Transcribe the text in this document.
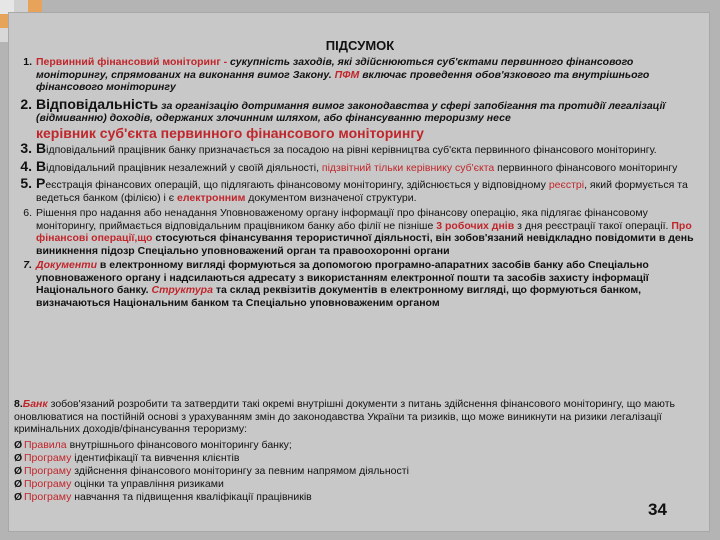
ПІДСУМОК
1. Первинний фінансовий моніторинг - сукупність заходів, які здійснюються суб'єктами первинного фінансового моніторингу, спрямованих на виконання вимог Закону. ПФМ включає проведення обов'язкового та внутрішнього фінансового моніторингу
2. Відповідальність за організацію дотримання вимог законодавства у сфері запобігання та протидії легалізації (відмиванню) доходів, одержаних злочинним шляхом, або фінансуванню тероризму несе
керівник суб'єкта первинного фінансового моніторингу
3. Відповідальний працівник банку призначається за посадою на рівні керівництва суб'єкта первинного фінансового моніторингу.
4. Відповідальний працівник незалежний у своїй діяльності, підзвітний тільки керівнику суб'єкта первинного фінансового моніторингу
5. Реєстрація фінансових операцій, що підлягають фінансовому моніторингу, здійснюється у відповідному реєстрі, який формується та ведеться банком (філією) і є електронним документом визначеної структури.
6. Рішення про надання або ненадання Уповноваженому органу інформації про фінансову операцію, яка підлягає фінансовому моніторингу, приймається відповідальним працівником банку або філії не пізніше 3 робочих днів з дня реєстрації такої операції. Про фінансові операції,що стосуються фінансування терористичної діяльності, він зобов'язаний невідкладно повідомити в день виникнення підозр Спеціально уповноважений орган та правоохоронні органи
7. Документи в електронному вигляді формуються за допомогою програмно-апаратних засобів банку або Спеціально уповноваженого органу і надсилаються адресату з використанням електронної пошти та засобів захисту інформації Національного банку. Структура та склад реквізитів документів в електронному вигляді, що формуються банком, визначаються Національним банком та Спеціально уповноваженим органом
8.Банк зобов'язаний розробити та затвердити такі окремі внутрішні документи з питань здійснення фінансового моніторингу, що мають оновлюватися на постійній основі з урахуванням змін до законодавства України та ризиків, що може виникнути на ризики легалізації кримінальних доходів/фінансування тероризму:
Ø Правила внутрішнього фінансового моніторингу банку;
Ø Програму ідентифікації та вивчення клієнтів
Ø Програму здійснення фінансового моніторингу за певним напрямом діяльності
Ø Програму оцінки та управління ризиками
Ø Програму навчання та підвищення кваліфікації працівників
34
